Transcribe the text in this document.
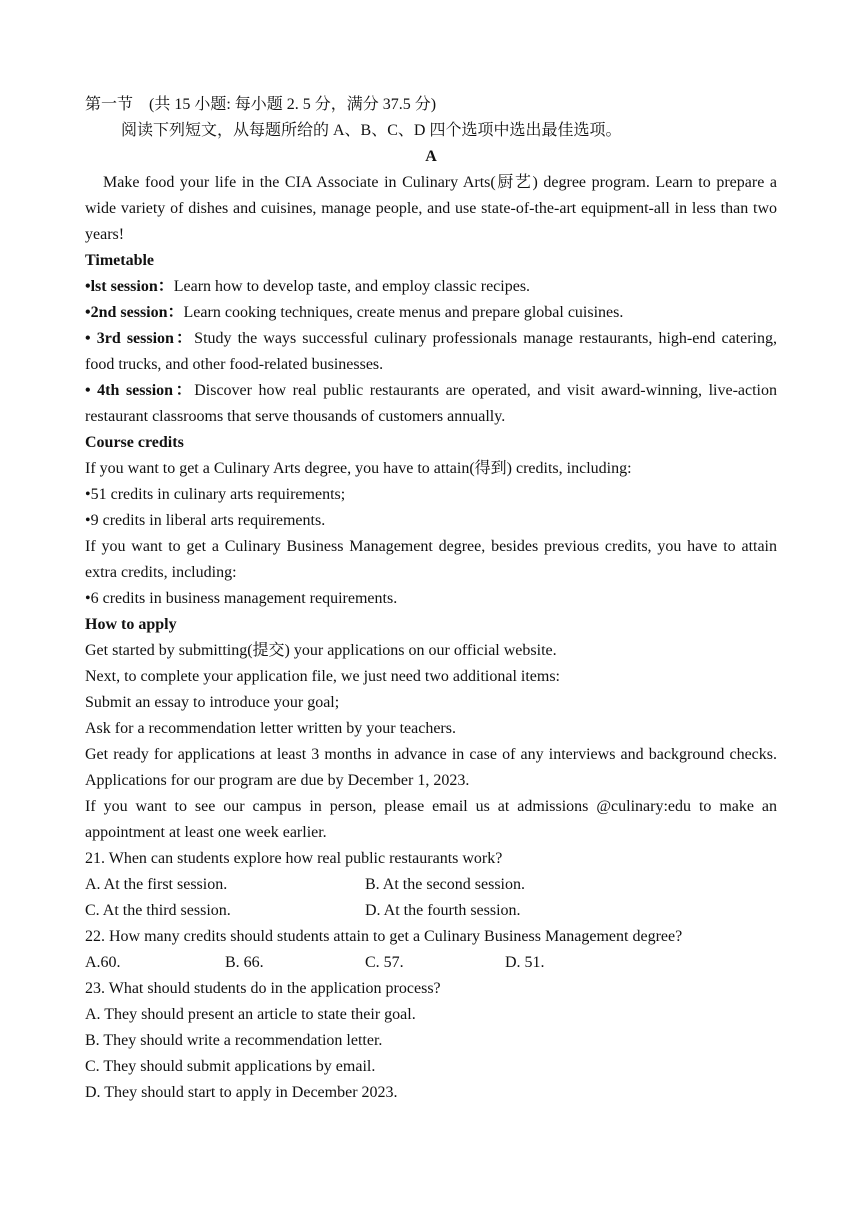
第一节　(共 15 小题: 每小题 2. 5 分，满分 37.5 分)
阅读下列短文，从每题所给的 A、B、C、D 四个选项中选出最佳选项。
A
Make food your life in the CIA Associate in Culinary Arts(厨艺) degree program. Learn to prepare a wide variety of dishes and cuisines, manage people, and use state-of-the-art equipment-all in less than two years!
Timetable
•lst session：Learn how to develop taste, and employ classic recipes.
•2nd session：Learn cooking techniques, create menus and prepare global cuisines.
• 3rd session：Study the ways successful culinary professionals manage restaurants, high-end catering, food trucks, and other food-related businesses.
• 4th session：Discover how real public restaurants are operated, and visit award-winning, live-action restaurant classrooms that serve thousands of customers annually.
Course credits
If you want to get a Culinary Arts degree, you have to attain(得到) credits, including:
•51 credits in culinary arts requirements;
•9 credits in liberal arts requirements.
If you want to get a Culinary Business Management degree, besides previous credits, you have to attain extra credits, including:
•6 credits in business management requirements.
How to apply
Get started by submitting(提交) your applications on our official website.
Next, to complete your application file, we just need two additional items:
Submit an essay to introduce your goal;
Ask for a recommendation letter written by your teachers.
Get ready for applications at least 3 months in advance in case of any interviews and background checks. Applications for our program are due by December 1, 2023.
If you want to see our campus in person, please email us at admissions @culinary:edu to make an appointment at least one week earlier.
21. When can students explore how real public restaurants work?
A. At the first session.	B. At the second session.
C. At the third session.	D. At the fourth session.
22. How many credits should students attain to get a Culinary Business Management degree?
A.60.	B. 66.	C. 57.	D. 51.
23. What should students do in the application process?
A. They should present an article to state their goal.
B. They should write a recommendation letter.
C. They should submit applications by email.
D. They should start to apply in December 2023.
